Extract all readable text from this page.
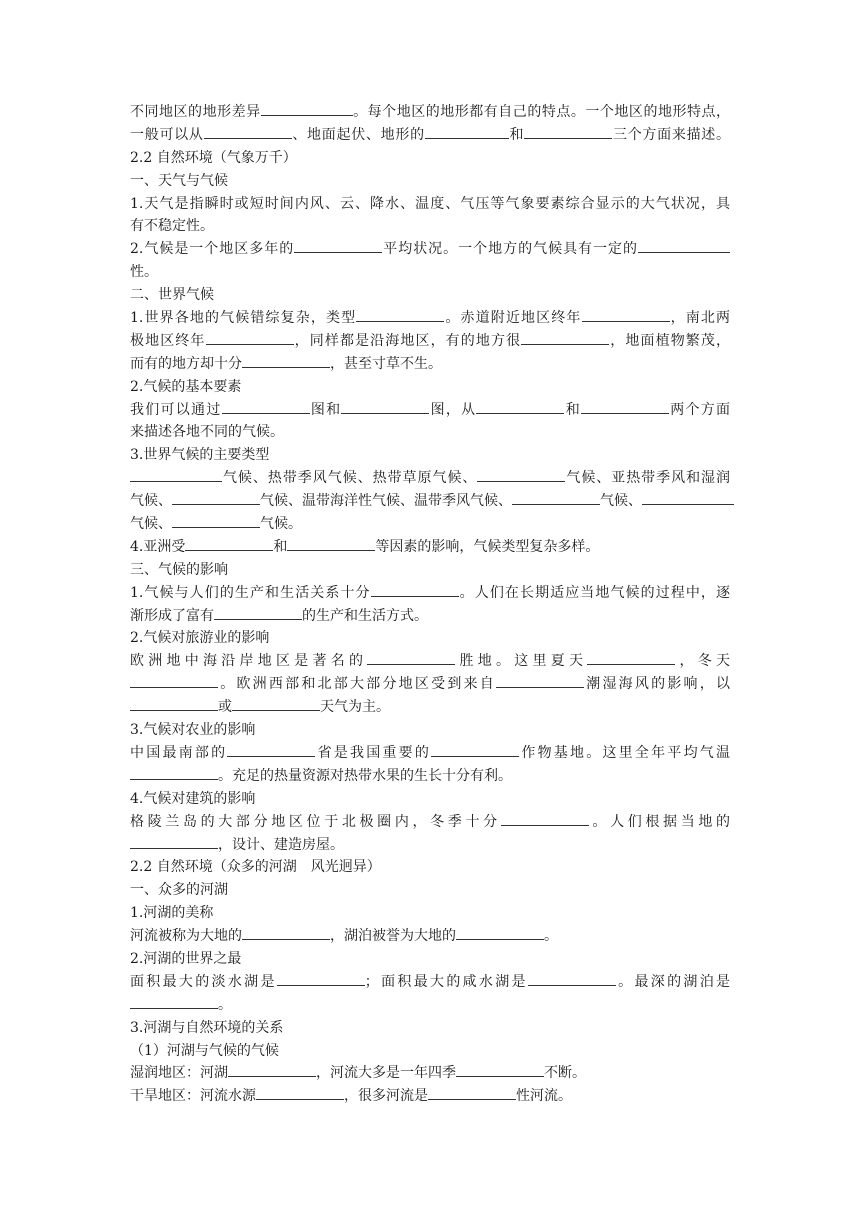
不同地区的地形差异	。每个地区的地形都有自己的特点。一个地区的地形特点，
一般可以从	、地面起伏、地形的	和	三个方面来描述。
2.2 自然环境（气象万千）
一、天气与气候
1.天气是指瞬时或短时间内风、云、降水、温度、气压等气象要素综合显示的大气状况，具
有不稳定性。
2.气候是一个地区多年的	平均状况。一个地方的气候具有一定的
性。
二、世界气候
1.世界各地的气候错综复杂，类型	。赤道附近地区终年	，南北两
极地区终年	，同样都是沿海地区，有的地方很	，地面植物繁茂，
而有的地方却十分	，甚至寸草不生。
2.气候的基本要素
我们可以通过	图和	图，从	和	两个方面
来描述各地不同的气候。
3.世界气候的主要类型
气候、热带季风气候、热带草原气候、	气候、亚热带季风和湿润
气候、	气候、温带海洋性气候、温带季风气候、	气候、
气候、	气候。
4.亚洲受	和	等因素的影响，气候类型复杂多样。
三、气候的影响
1.气候与人们的生产和生活关系十分	。人们在长期适应当地气候的过程中，逐
渐形成了富有	的生产和生活方式。
2.气候对旅游业的影响
欧洲地中海沿岸地区是著名的	胜地。这里夏天	，冬天
。欧洲西部和北部大部分地区受到来自	潮湿海风的影响，以
或	天气为主。
3.气候对农业的影响
中国最南部的	省是我国重要的	作物基地。这里全年平均气温
。充足的热量资源对热带水果的生长十分有利。
4.气候对建筑的影响
格陵兰岛的大部分地区位于北极圈内，冬季十分	。人们根据当地的
，设计、建造房屋。
2.2 自然环境（众多的河湖　风光迥异）
一、众多的河湖
1.河湖的美称
河流被称为大地的	，湖泊被誉为大地的	。
2.河湖的世界之最
面积最大的淡水湖是	；面积最大的咸水湖是	。最深的湖泊是
。
3.河湖与自然环境的关系
（1）河湖与气候的气候
湿润地区：河湖	，河流大多是一年四季	不断。
干旱地区：河流水源	，很多河流是	性河流。
